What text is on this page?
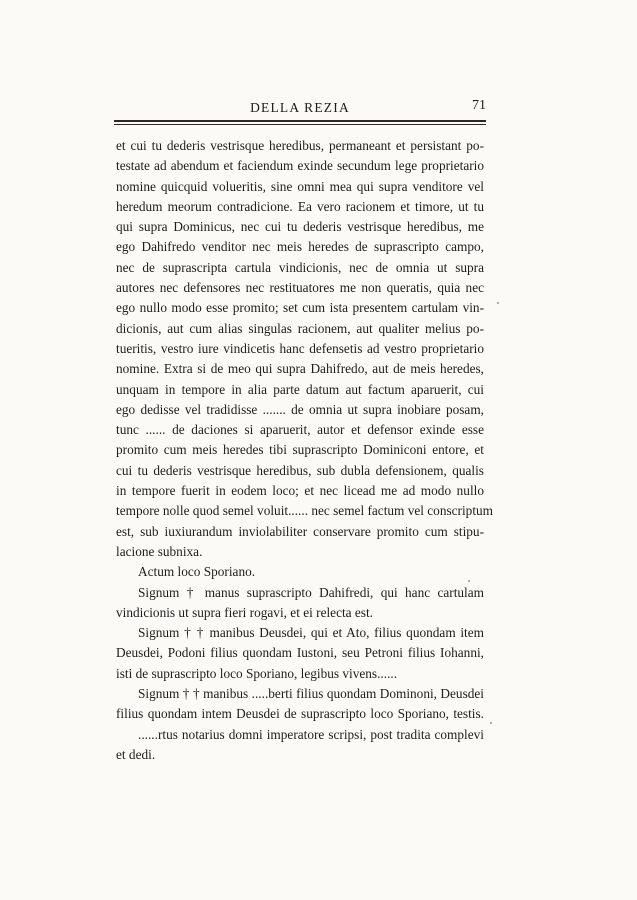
DELLA REZIA	71
et cui tu dederis vestrisque heredibus, permaneant et persistant po-
testate ad abendum et faciendum exinde secundum lege proprietario
nomine quicquid volueritis, sine omni mea qui supra venditore vel
heredum meorum contradicione. Ea vero racionem et timore, ut tu
qui supra Dominicus, nec cui tu dederis vestrisque heredibus, me
ego Dahifredo venditor nec meis heredes de suprascripto campo,
nec de suprascripta cartula vindicionis, nec de omnia ut supra
autores nec defensores nec restituatores me non queratis, quia nec
ego nullo modo esse promito; set cum ista presentem cartulam vin-
dicionis, aut cum alias singulas racionem, aut qualiter melius po-
tueritis, vestro iure vindicetis hanc defensetis ad vestro proprietario
nomine. Extra si de meo qui supra Dahifredo, aut de meis heredes,
unquam in tempore in alia parte datum aut factum aparuerit, cui
ego dedisse vel tradidisse ....... de omnia ut supra inobiare posam,
tunc ...... de daciones si aparuerit, autor et defensor exinde esse
promito cum meis heredes tibi suprascripto Dominiconi entore, et
cui tu dederis vestrisque heredibus, sub dubla defensionem, qualis
in tempore fuerit in eodem loco; et nec licead me ad modo nullo
tempore nolle quod semel voluit...... nec semel factum vel conscriptum
est, sub iuxiurandum inviolabiliter conservare promito cum stipu-
lacione subnixa.
Actum loco Sporiano.
Signum † manus suprascripto Dahifredi, qui hanc cartulam
vindicionis ut supra fieri rogavi, et ei relecta est.
Signum † † manibus Deusdei, qui et Ato, filius quondam item
Deusdei, Podoni filius quondam Iustoni, seu Petroni filius Iohanni,
isti de suprascripto loco Sporiano, legibus vivens......
Signum † † manibus .....berti filius quondam Dominoni, Deusdei
filius quondam intem Deusdei de suprascripto loco Sporiano, testis.
......rtus notarius domni imperatore scripsi, post tradita complevi
et dedi.
